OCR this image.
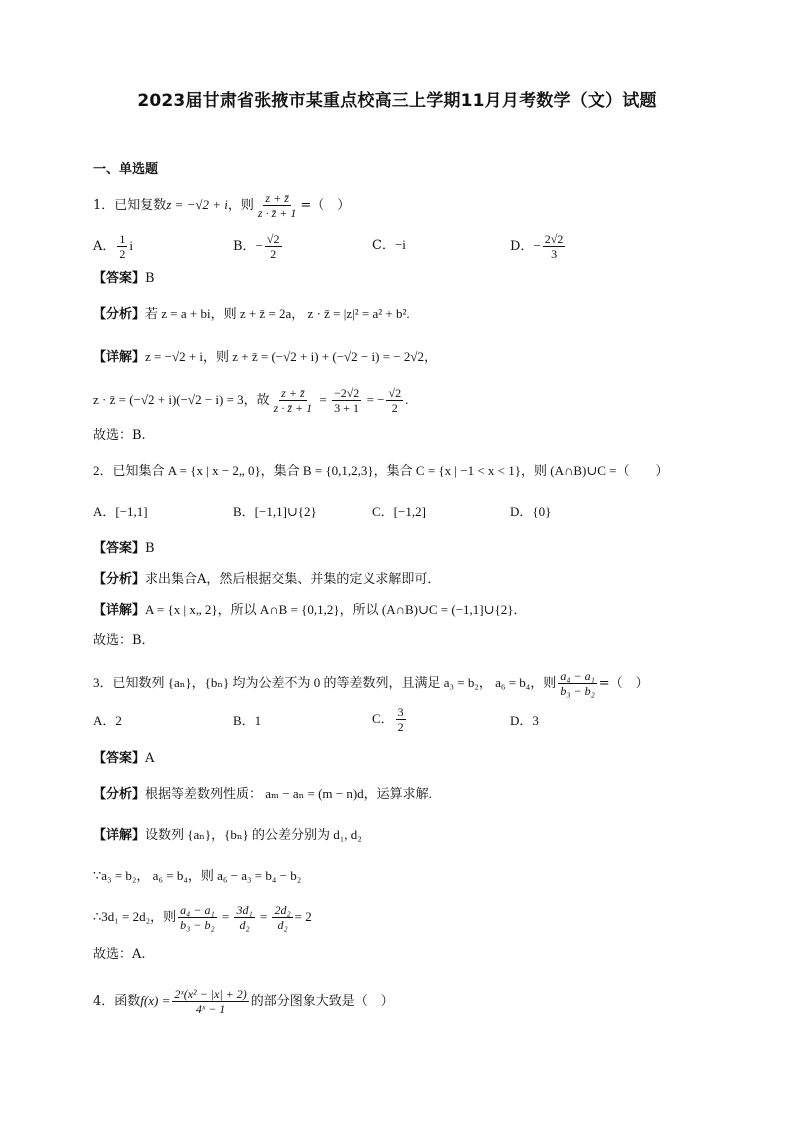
2023届甘肃省张掖市某重点校高三上学期11月月考数学（文）试题
一、单选题
1．已知复数z = −√2 + i，则 $\frac{z + z̄}{z \cdot z̄ + 1}$ =（　）
A． $\frac{1}{2}$ i	B．− $\frac{√2}{2}$	C．−i	D．− $\frac{2√2}{3}$
【答案】B
【分析】若 z = a + bi，则 z + z̄ = 2a， z · z̄ = |z|² = a² + b².
【详解】z = −√2 + i，则 z + z̄ = (−√2 + i) + (−√2 − i) = − 2√2，
z · z̄ = (−√2 + i)(−√2 − i) = 3，故 $\frac{z + z̄}{z \cdot z̄ + 1} = \frac{-2√2}{3 + 1}$ = − $\frac{√2}{2}$ .
故选：B.
2．已知集合 A = {x | x − 2„ 0}，集合 B = {0,1,2,3}，集合 C = {x | −1 < x < 1}，则 (A∩B)∪C =（　　）
A．[−1,1]	B．[−1,1]∪{2}	C．[−1,2]	D．{0}
【答案】B
【分析】求出集合A，然后根据交集、并集的定义求解即可．
【详解】A = {x | x„ 2}，所以 A∩B = {0,1,2}，所以 (A∩B)∪C = (−1,1]∪{2}．
故选：B．
3．已知数列 {aₙ}，{bₙ} 均为公差不为 0 的等差数列，且满足 a₃ = b₂， a₆ = b₄，则 $\frac{\text{a₄ − a₁}}{\text{b₃ − b₂}}$ =（　）
A．2	B．1	C． $\frac{3}{2}$	D．3
【答案】A
【分析】根据等差数列性质： aₘ − aₙ = (m − n)d，运算求解.
【详解】设数列 {aₙ}，{bₙ} 的公差分别为 d₁, d₂
∵a₃ = b₂， a₆ = b₄，则 a₆ − a₃ = b₄ − b₂
∴3d₁ = 2d₂，则 $\frac{\text{a₄ − a₁}}{\text{b₃ − b₂}} = \frac{\text{3d₁}}{\text{d₂}} = \frac{\text{2d₂}}{\text{d₂}} = 2$
故选：A.
4．函数$f(x) = \frac{\text{2ˣ(x² − |x| + 2)}}{\text{4ˣ − 1}}$ 的部分图象大致是（　）
